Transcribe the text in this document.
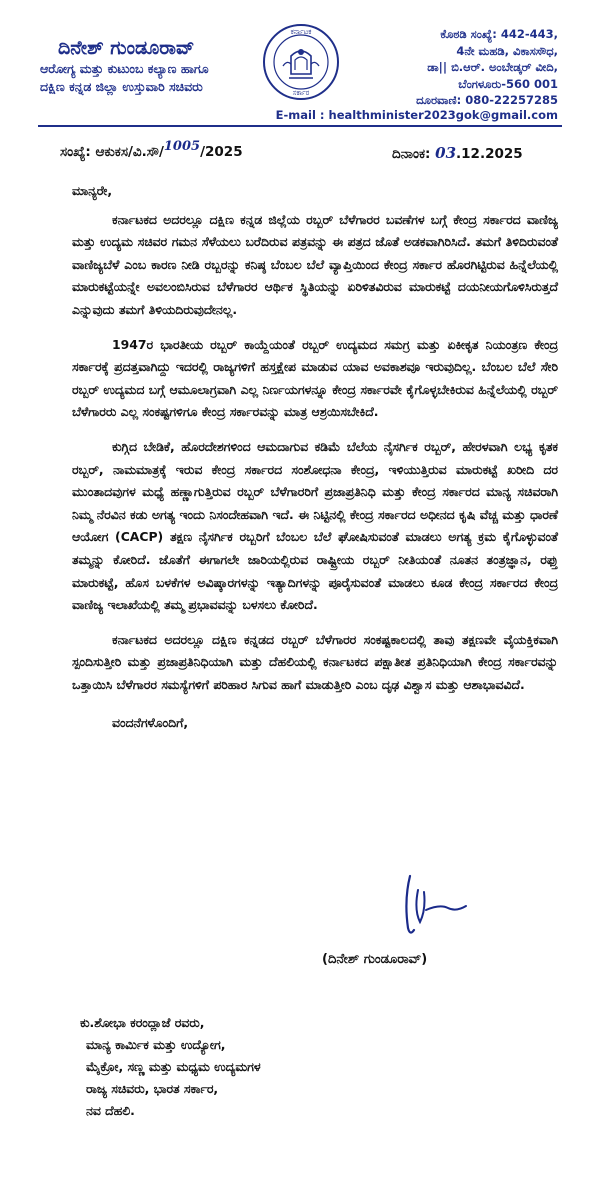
ದಿನೇಶ್ ಗುಂಡೂರಾವ್
ಆರೋಗ್ಯ ಮತ್ತು ಕುಟುಂಬ ಕಲ್ಯಾಣ ಹಾಗೂ
ದಕ್ಷಿಣ ಕನ್ನಡ ಜಿಲ್ಲಾ ಉಸ್ತುವಾರಿ ಸಚಿವರು
ಕರ್ನಾಟಕ
ಸರ್ಕಾರ
ಕೊಠಡಿ ಸಂಖ್ಯೆ: 442-443,
4ನೇ ಮಹಡಿ, ವಿಕಾಸಸೌಧ,
ಡಾ|| ಬಿ.ಆರ್. ಅಂಬೇಡ್ಕರ್ ವೀದಿ,
ಬೆಂಗಳೂರು-560 001
ದೂರವಾಣಿ: 080-22257285
E-mail : healthminister2023gok@gmail.com
ಸಂಖ್ಯೆ: ಆಕುಕಸ/ವಿ.ಸೌ/1005/2025	ದಿನಾಂಕ: 03.12.2025
ಮಾನ್ಯರೇ,

ಕರ್ನಾಟಕದ ಅದರಲ್ಲೂ ದಕ್ಷಿಣ ಕನ್ನಡ ಜಿಲ್ಲೆಯ ರಬ್ಬರ್ ಬೆಳೆಗಾರರ ಬವಣೆಗಳ ಬಗ್ಗೆ ಕೇಂದ್ರ ಸರ್ಕಾರದ ವಾಣಿಜ್ಯ ಮತ್ತು ಉದ್ಯಮ ಸಚಿವರ ಗಮನ ಸೆಳೆಯಲು ಬರೆದಿರುವ ಪತ್ರವನ್ನು ಈ ಪತ್ರದ ಜೊತೆ ಅಡಕವಾಗಿರಿಸಿದೆ. ತಮಗೆ ತಿಳಿದಿರುವಂತೆ ವಾಣಿಜ್ಯಬೆಳೆ ಎಂಬ ಕಾರಣ ನೀಡಿ ರಬ್ಬರನ್ನು ಕನಿಷ್ಠ ಬೆಂಬಲ ಬೆಲೆ ವ್ಯಾಪ್ತಿಯಿಂದ ಕೇಂದ್ರ ಸರ್ಕಾರ ಹೊರಗಿಟ್ಟಿರುವ ಹಿನ್ನೆಲೆಯಲ್ಲಿ ಮಾರುಕಟ್ಟೆಯನ್ನೇ ಅವಲಂಬಿಸಿರುವ ಬೆಳೆಗಾರರ ಆರ್ಥಿಕ ಸ್ಥಿತಿಯನ್ನು ಏರಿಳಿತವಿರುವ ಮಾರುಕಟ್ಟೆ ದಯನೀಯಗೊಳಿಸಿರುತ್ತದೆ ಎನ್ನುವುದು ತಮಗೆ ತಿಳಿಯದಿರುವುದೇನಲ್ಲ.

1947ರ ಭಾರತೀಯ ರಬ್ಬರ್ ಕಾಯ್ದೆಯಂತೆ ರಬ್ಬರ್ ಉದ್ಯಮದ ಸಮಗ್ರ ಮತ್ತು ಏಕೀಕೃತ ನಿಯಂತ್ರಣ ಕೇಂದ್ರ ಸರ್ಕಾರಕ್ಕೆ ಪ್ರದತ್ತವಾಗಿದ್ದು ಇದರಲ್ಲಿ ರಾಜ್ಯಗಳಿಗೆ ಹಸ್ತಕ್ಷೇಪ ಮಾಡುವ ಯಾವ ಅವಕಾಶವೂ ಇರುವುದಿಲ್ಲ. ಬೆಂಬಲ ಬೆಲೆ ಸೇರಿ ರಬ್ಬರ್ ಉದ್ಯಮದ ಬಗ್ಗೆ ಆಮೂಲಾಗ್ರವಾಗಿ ಎಲ್ಲ ನಿರ್ಣಯಗಳನ್ನೂ ಕೇಂದ್ರ ಸರ್ಕಾರವೇ ಕೈಗೊಳ್ಳಬೇಕಿರುವ ಹಿನ್ನೆಲೆಯಲ್ಲಿ ರಬ್ಬರ್ ಬೆಳೆಗಾರರು ಎಲ್ಲ ಸಂಕಷ್ಟಗಳಿಗೂ ಕೇಂದ್ರ ಸರ್ಕಾರವನ್ನು ಮಾತ್ರ ಆಶ್ರಯಿಸಬೇಕಿದೆ.

ಕುಗ್ಗಿದ ಬೇಡಿಕೆ, ಹೊರದೇಶಗಳಿಂದ ಆಮದಾಗುವ ಕಡಿಮೆ ಬೆಲೆಯ ನೈಸರ್ಗಿಕ ರಬ್ಬರ್, ಹೇರಳವಾಗಿ ಲಭ್ಯ ಕೃತಕ ರಬ್ಬರ್, ನಾಮಮಾತ್ರಕ್ಕೆ ಇರುವ ಕೇಂದ್ರ ಸರ್ಕಾರದ ಸಂಶೋಧನಾ ಕೇಂದ್ರ, ಇಳಿಯುತ್ತಿರುವ ಮಾರುಕಟ್ಟೆ ಖರೀದಿ ದರ ಮುಂತಾದವುಗಳ ಮಧ್ಯೆ ಹಣ್ಣಾಗುತ್ತಿರುವ ರಬ್ಬರ್ ಬೆಳೆಗಾರರಿಗೆ ಪ್ರಜಾಪ್ರತಿನಿಧಿ ಮತ್ತು ಕೇಂದ್ರ ಸರ್ಕಾರದ ಮಾನ್ಯ ಸಚಿವರಾಗಿ ನಿಮ್ಮ ನೆರವಿನ ಕಡು ಅಗತ್ಯ ಇಂದು ನಿಸಂದೇಹವಾಗಿ ಇದೆ. ಈ ನಿಟ್ಟಿನಲ್ಲಿ ಕೇಂದ್ರ ಸರ್ಕಾರದ ಅಧೀನದ ಕೃಷಿ ವೆಚ್ಚ ಮತ್ತು ಧಾರಣೆ ಆಯೋಗ (CACP) ತಕ್ಷಣ ನೈಸರ್ಗಿಕ ರಬ್ಬರಿಗೆ ಬೆಂಬಲ ಬೆಲೆ ಘೋಷಿಸುವಂತೆ ಮಾಡಲು ಅಗತ್ಯ ಕ್ರಮ ಕೈಗೊಳ್ಳುವಂತೆ ತಮ್ಮನ್ನು ಕೋರಿದೆ. ಜೊತೆಗೆ ಈಗಾಗಲೇ ಜಾರಿಯಲ್ಲಿರುವ ರಾಷ್ಟ್ರೀಯ ರಬ್ಬರ್ ನೀತಿಯಂತೆ ನೂತನ ತಂತ್ರಜ್ಞಾನ, ರಫ್ತು ಮಾರುಕಟ್ಟೆ, ಹೊಸ ಬಳಕೆಗಳ ಅವಿಷ್ಕಾರಗಳನ್ನು ಇತ್ಯಾದಿಗಳನ್ನು ಪೂರೈಸುವಂತೆ ಮಾಡಲು ಕೂಡ ಕೇಂದ್ರ ಸರ್ಕಾರದ ಕೇಂದ್ರ ವಾಣಿಜ್ಯ ಇಲಾಖೆಯಲ್ಲಿ ತಮ್ಮ ಪ್ರಭಾವವನ್ನು ಬಳಸಲು ಕೋರಿದೆ.

ಕರ್ನಾಟಕದ ಅದರಲ್ಲೂ ದಕ್ಷಿಣ ಕನ್ನಡದ ರಬ್ಬರ್ ಬೆಳೆಗಾರರ ಸಂಕಷ್ಟಕಾಲದಲ್ಲಿ ತಾವು ತಕ್ಷಣವೇ ವೈಯಕ್ತಿಕವಾಗಿ ಸ್ಪಂದಿಸುತ್ತೀರಿ ಮತ್ತು ಪ್ರಜಾಪ್ರತಿನಿಧಿಯಾಗಿ ಮತ್ತು ದೆಹಲಿಯಲ್ಲಿ ಕರ್ನಾಟಕದ ಪಕ್ಷಾತೀತ ಪ್ರತಿನಿಧಿಯಾಗಿ ಕೇಂದ್ರ ಸರ್ಕಾರವನ್ನು ಒತ್ತಾಯಿಸಿ ಬೆಳೆಗಾರರ ಸಮಸ್ಯೆಗಳಿಗೆ ಪರಿಹಾರ ಸಿಗುವ ಹಾಗೆ ಮಾಡುತ್ತೀರಿ ಎಂಬ ದೃಢ ವಿಶ್ವಾಸ ಮತ್ತು ಆಶಾಭಾವವಿದೆ.

ವಂದನೆಗಳೊಂದಿಗೆ,
(ದಿನೇಶ್ ಗುಂಡೂರಾವ್)
ಕು.ಶೋಭಾ ಕರಂದ್ಲಾಜೆ ರವರು,
ಮಾನ್ಯ ಕಾರ್ಮಿಕ ಮತ್ತು ಉದ್ಯೋಗ,
ಮೈಕ್ರೋ, ಸಣ್ಣ ಮತ್ತು ಮಧ್ಯಮ ಉದ್ಯಮಗಳ
ರಾಜ್ಯ ಸಚಿವರು, ಭಾರತ ಸರ್ಕಾರ,
ನವ ದೆಹಲಿ.
